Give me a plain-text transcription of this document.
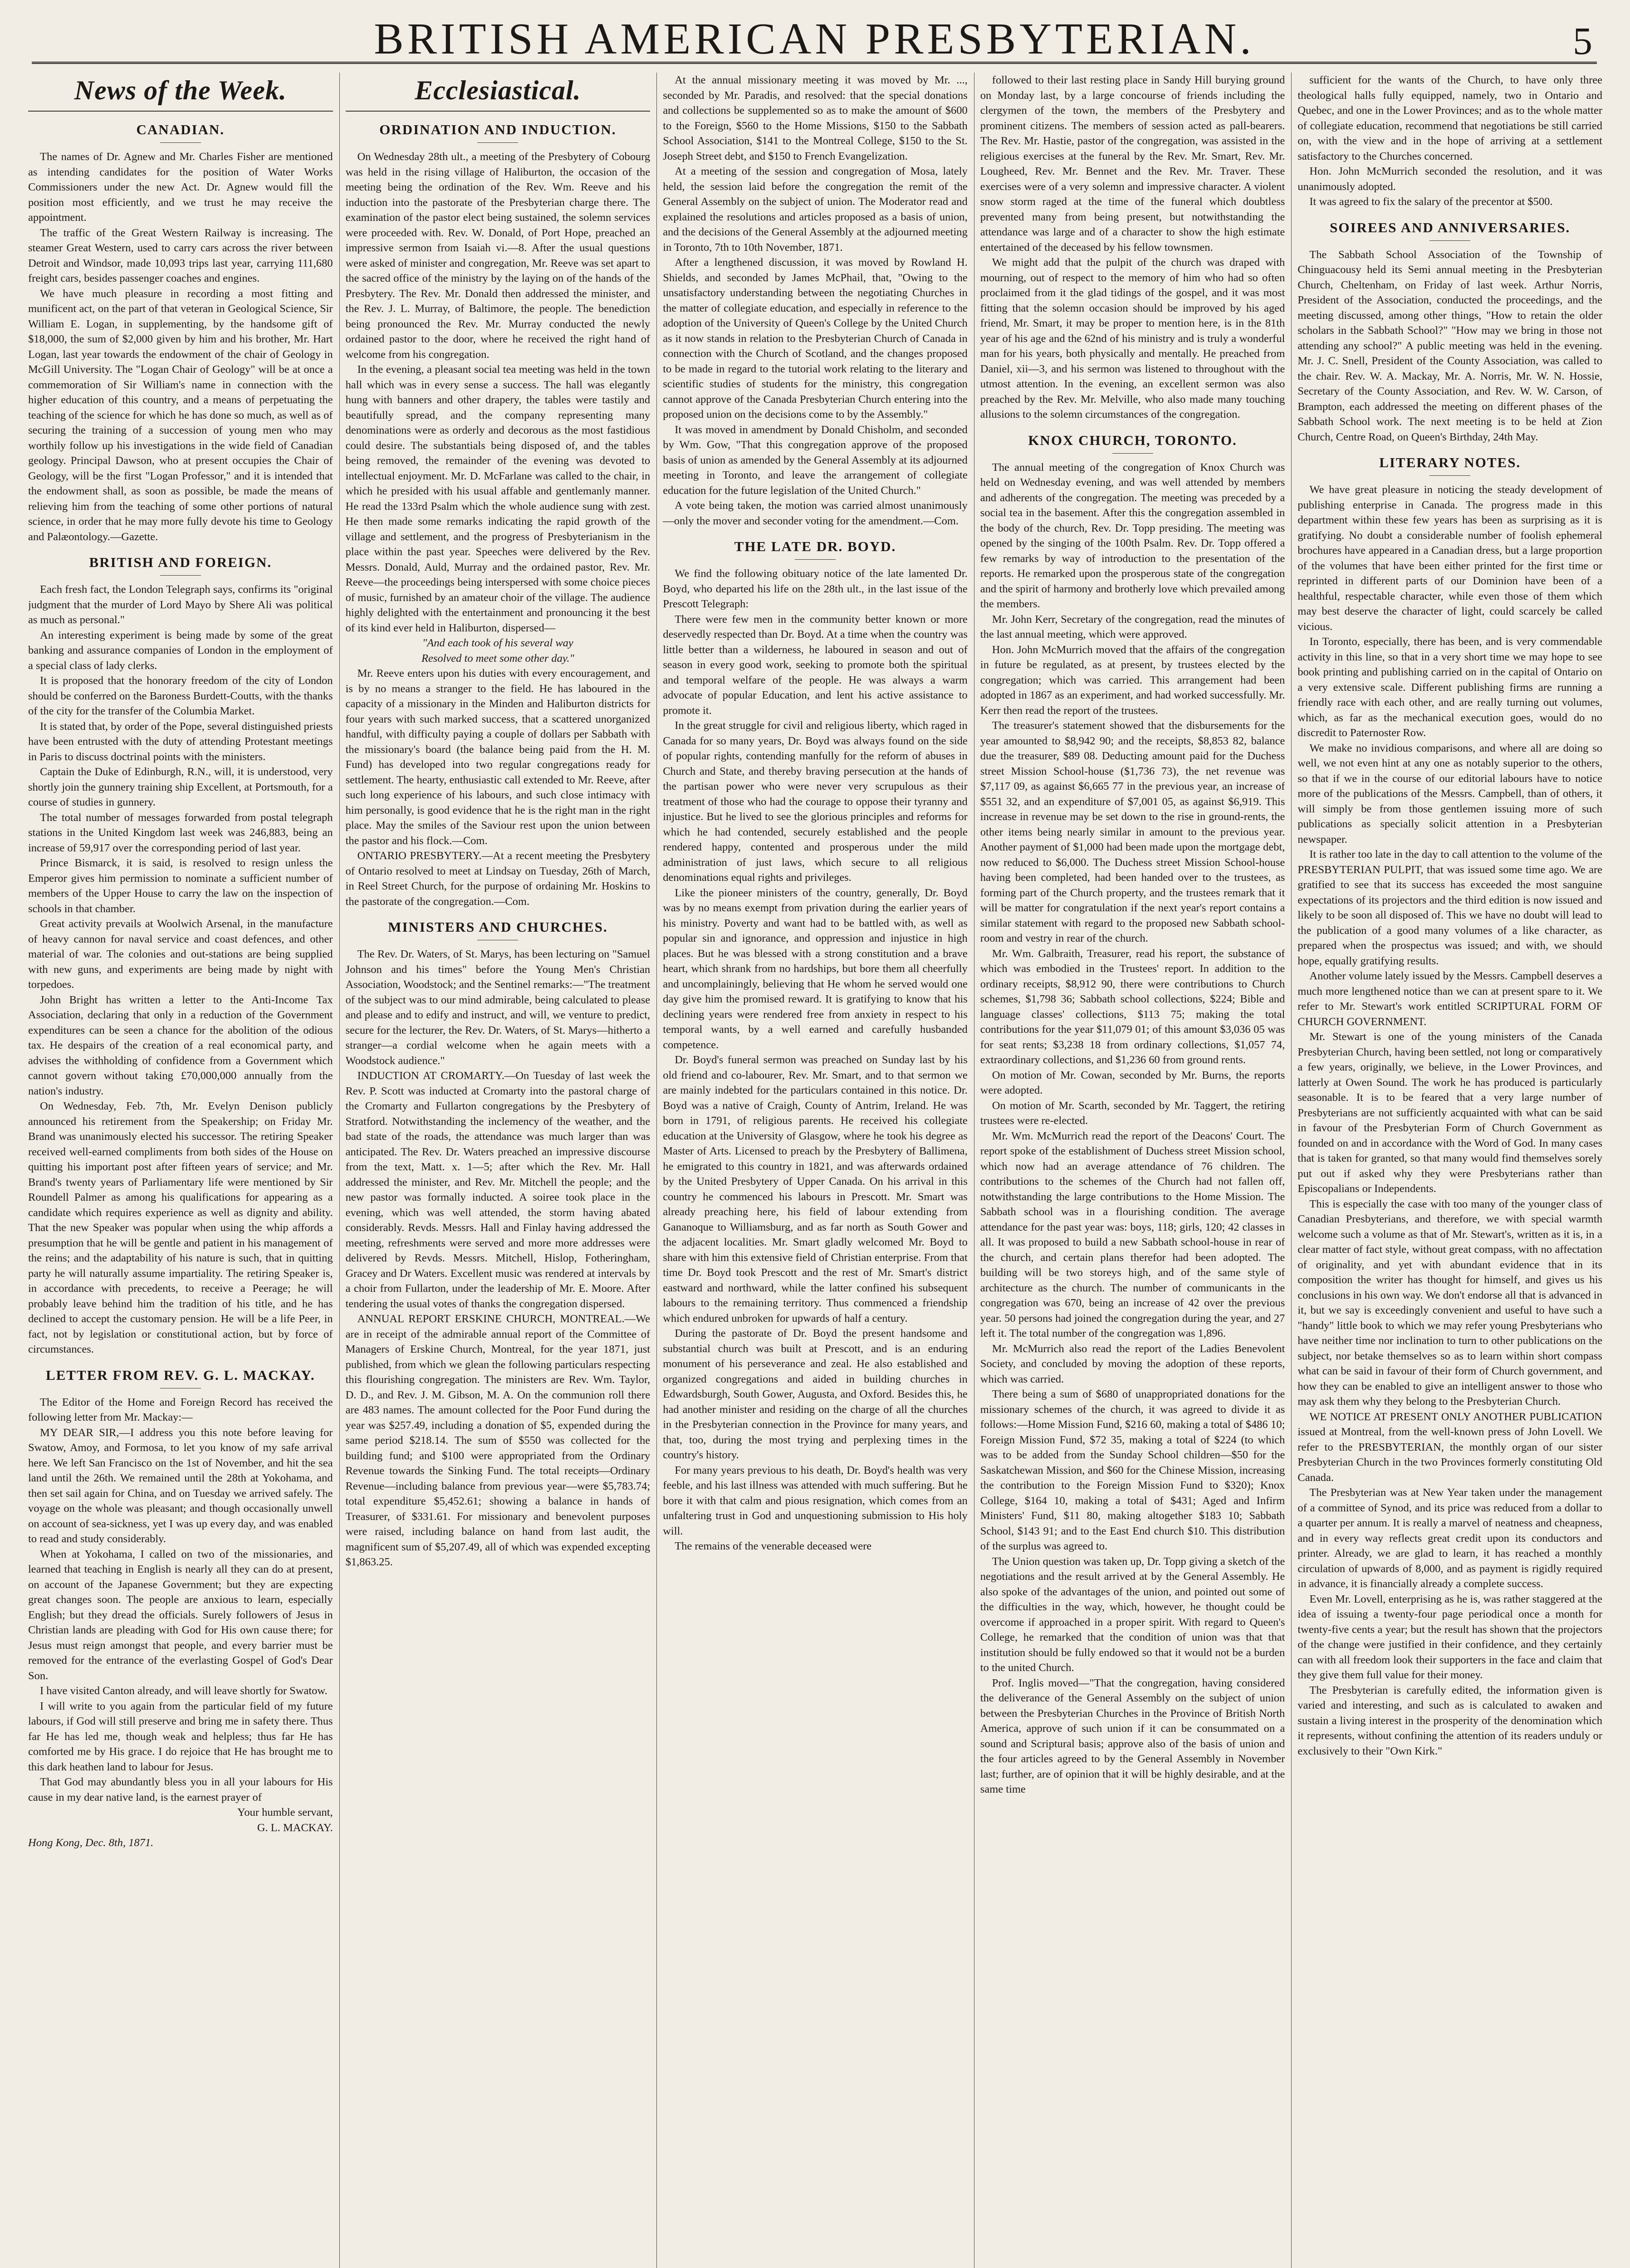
BRITISH AMERICAN PRESBYTERIAN.	5
News of the Week.
CANADIAN.

The names of Dr. Agnew and Mr. Charles Fisher are mentioned as intending candidates for the position of Water Works Commissioners under the new Act. Dr. Agnew would fill the position most efficiently, and we trust he may receive the appointment.

The traffic of the Great Western Railway is increasing. The steamer Great Western, used to carry cars across the river between Detroit and Windsor, made 10,093 trips last year, carrying 111,680 freight cars, besides passenger coaches and engines.

We have much pleasure in recording a most fitting and munificent act, on the part of that veteran in Geological Science, Sir William E. Logan, in supplementing, by the handsome gift of $18,000, the sum of $2,000 given by him and his brother, Mr. Hart Logan, last year towards the endowment of the chair of Geology in McGill University. The "Logan Chair of Geology" will be at once a commemoration of Sir William's name in connection with the higher education of this country, and a means of perpetuating the teaching of the science for which he has done so much, as well as of securing the training of a succession of young men who may worthily follow up his investigations in the wide field of Canadian geology. Principal Dawson, who at present occupies the Chair of Geology, will be the first "Logan Professor," and it is intended that the endowment shall, as soon as possible, be made the means of relieving him from the teaching of some other portions of natural science, in order that he may more fully devote his time to Geology and Palæontology.—Gazette.

BRITISH AND FOREIGN.

Each fresh fact, the London Telegraph says, confirms its "original judgment that the murder of Lord Mayo by Shere Ali was political as much as personal."

An interesting experiment is being made by some of the great banking and assurance companies of London in the employment of a special class of lady clerks.

It is proposed that the honorary freedom of the city of London should be conferred on the Baroness Burdett-Coutts, with the thanks of the city for the transfer of the Columbia Market.

It is stated that, by order of the Pope, several distinguished priests have been entrusted with the duty of attending Protestant meetings in Paris to discuss doctrinal points with the ministers.

Captain the Duke of Edinburgh, R.N., will, it is understood, very shortly join the gunnery training ship Excellent, at Portsmouth, for a course of studies in gunnery.

The total number of messages forwarded from postal telegraph stations in the United Kingdom last week was 246,883, being an increase of 59,917 over the corresponding period of last year.

Prince Bismarck, it is said, is resolved to resign unless the Emperor gives him permission to nominate a sufficient number of members of the Upper House to carry the law on the inspection of schools in that chamber.

Great activity prevails at Woolwich Arsenal, in the manufacture of heavy cannon for naval service and coast defences, and other material of war. The colonies and out-stations are being supplied with new guns, and experiments are being made by night with torpedoes.

John Bright has written a letter to the Anti-Income Tax Association, declaring that only in a reduction of the Government expenditures can be seen a chance for the abolition of the odious tax. He despairs of the creation of a real economical party, and advises the withholding of confidence from a Government which cannot govern without taking £70,000,000 annually from the nation's industry.

On Wednesday, Feb. 7th, Mr. Evelyn Denison publicly announced his retirement from the Speakership; on Friday Mr. Brand was unanimously elected his successor. The retiring Speaker received well-earned compliments from both sides of the House on quitting his important post after fifteen years of service; and Mr. Brand's twenty years of Parliamentary life were mentioned by Sir Roundell Palmer as among his qualifications for appearing as a candidate which requires experience as well as dignity and ability. That the new Speaker was popular when using the whip affords a presumption that he will be gentle and patient in his management of the reins; and the adaptability of his nature is such, that in quitting party he will naturally assume impartiality. The retiring Speaker is, in accordance with precedents, to receive a Peerage; he will probably leave behind him the tradition of his title, and he has declined to accept the customary pension. He will be a life Peer, in fact, not by legislation or constitutional action, but by force of circumstances.

LETTER FROM REV. G. L. MACKAY.

The Editor of the Home and Foreign Record has received the following letter from Mr. Mackay:—

MY DEAR SIR,—I address you this note before leaving for Swatow, Amoy, and Formosa, to let you know of my safe arrival here. We left San Francisco on the 1st of November, and hit the sea land until the 26th. We remained until the 28th at Yokohama, and then set sail again for China, and on Tuesday we arrived safely. The voyage on the whole was pleasant; and though occasionally unwell on account of sea-sickness, yet I was up every day, and was enabled to read and study considerably.

When at Yokohama, I called on two of the missionaries, and learned that teaching in English is nearly all they can do at present, on account of the Japanese Government; but they are expecting great changes soon. The people are anxious to learn, especially English; but they dread the officials. Surely followers of Jesus in Christian lands are pleading with God for His own cause there; for Jesus must reign amongst that people, and every barrier must be removed for the entrance of the everlasting Gospel of God's Dear Son.

I have visited Canton already, and will leave shortly for Swatow.

I will write to you again from the particular field of my future labours, if God will still preserve and bring me in safety there. Thus far He has led me, though weak and helpless; thus far He has comforted me by His grace. I do rejoice that He has brought me to this dark heathen land to labour for Jesus.

That God may abundantly bless you in all your labours for His cause in my dear native land, is the earnest prayer of

Your humble servant,

G. L. MACKAY.

Hong Kong, Dec. 8th, 1871.

Ecclesiastical.
ORDINATION AND INDUCTION.

On Wednesday 28th ult., a meeting of the Presbytery of Cobourg was held in the rising village of Haliburton, the occasion of the meeting being the ordination of the Rev. Wm. Reeve and his induction into the pastorate of the Presbyterian charge there. The examination of the pastor elect being sustained, the solemn services were proceeded with. Rev. W. Donald, of Port Hope, preached an impressive sermon from Isaiah vi.—8. After the usual questions were asked of minister and congregation, Mr. Reeve was set apart to the sacred office of the ministry by the laying on of the hands of the Presbytery. The Rev. Mr. Donald then addressed the minister, and the Rev. J. L. Murray, of Baltimore, the people. The benediction being pronounced the Rev. Mr. Murray conducted the newly ordained pastor to the door, where he received the right hand of welcome from his congregation.

In the evening, a pleasant social tea meeting was held in the town hall which was in every sense a success. The hall was elegantly hung with banners and other drapery, the tables were tastily and beautifully spread, and the company representing many denominations were as orderly and decorous as the most fastidious could desire. The substantials being disposed of, and the tables being removed, the remainder of the evening was devoted to intellectual enjoyment. Mr. D. McFarlane was called to the chair, in which he presided with his usual affable and gentlemanly manner. He read the 133rd Psalm which the whole audience sung with zest. He then made some remarks indicating the rapid growth of the village and settlement, and the progress of Presbyterianism in the place within the past year. Speeches were delivered by the Rev. Messrs. Donald, Auld, Murray and the ordained pastor, Rev. Mr. Reeve—the proceedings being interspersed with some choice pieces of music, furnished by an amateur choir of the village. The audience highly delighted with the entertainment and pronouncing it the best of its kind ever held in Haliburton, dispersed—

"And each took of his several way

Resolved to meet some other day."

Mr. Reeve enters upon his duties with every encouragement, and is by no means a stranger to the field. He has laboured in the capacity of a missionary in the Minden and Haliburton districts for four years with such marked success, that a scattered unorganized handful, with difficulty paying a couple of dollars per Sabbath with the missionary's board (the balance being paid from the H. M. Fund) has developed into two regular congregations ready for settlement. The hearty, enthusiastic call extended to Mr. Reeve, after such long experience of his labours, and such close intimacy with him personally, is good evidence that he is the right man in the right place. May the smiles of the Saviour rest upon the union between the pastor and his flock.—Com.

ONTARIO PRESBYTERY.—At a recent meeting the Presbytery of Ontario resolved to meet at Lindsay on Tuesday, 26th of March, in Reel Street Church, for the purpose of ordaining Mr. Hoskins to the pastorate of the congregation.—Com.

MINISTERS AND CHURCHES.

The Rev. Dr. Waters, of St. Marys, has been lecturing on "Samuel Johnson and his times" before the Young Men's Christian Association, Woodstock; and the Sentinel remarks:—"The treatment of the subject was to our mind admirable, being calculated to please and please and to edify and instruct, and will, we venture to predict, secure for the lecturer, the Rev. Dr. Waters, of St. Marys—hitherto a stranger—a cordial welcome when he again meets with a Woodstock audience."

INDUCTION AT CROMARTY.—On Tuesday of last week the Rev. P. Scott was inducted at Cromarty into the pastoral charge of the Cromarty and Fullarton congregations by the Presbytery of Stratford. Notwithstanding the inclemency of the weather, and the bad state of the roads, the attendance was much larger than was anticipated. The Rev. Dr. Waters preached an impressive discourse from the text, Matt. x. 1—5; after which the Rev. Mr. Hall addressed the minister, and Rev. Mr. Mitchell the people; and the new pastor was formally inducted. A soiree took place in the evening, which was well attended, the storm having abated considerably. Revds. Messrs. Hall and Finlay having addressed the meeting, refreshments were served and more more addresses were delivered by Revds. Messrs. Mitchell, Hislop, Fotheringham, Gracey and Dr Waters. Excellent music was rendered at intervals by a choir from Fullarton, under the leadership of Mr. E. Moore. After tendering the usual votes of thanks the congregation dispersed.

ANNUAL REPORT ERSKINE CHURCH, MONTREAL.—We are in receipt of the admirable annual report of the Committee of Managers of Erskine Church, Montreal, for the year 1871, just published, from which we glean the following particulars respecting this flourishing congregation. The ministers are Rev. Wm. Taylor, D. D., and Rev. J. M. Gibson, M. A. On the communion roll there are 483 names. The amount collected for the Poor Fund during the year was $257.49, including a donation of $5, expended during the same period $218.14. The sum of $550 was collected for the building fund; and $100 were appropriated from the Ordinary Revenue towards the Sinking Fund. The total receipts—Ordinary Revenue—including balance from previous year—were $5,783.74; total expenditure $5,452.61; showing a balance in hands of Treasurer, of $331.61. For missionary and benevolent purposes were raised, including balance on hand from last audit, the magnificent sum of $5,207.49, all of which was expended excepting $1,863.25.

At the annual missionary meeting it was moved by Mr. ..., seconded by Mr. Paradis, and resolved: that the special donations and collections be supplemented so as to make the amount of $600 to the Foreign, $560 to the Home Missions, $150 to the Sabbath School Association, $141 to the Montreal College, $150 to the St. Joseph Street debt, and $150 to French Evangelization.

At a meeting of the session and congregation of Mosa, lately held, the session laid before the congregation the remit of the General Assembly on the subject of union. The Moderator read and explained the resolutions and articles proposed as a basis of union, and the decisions of the General Assembly at the adjourned meeting in Toronto, 7th to 10th November, 1871.

After a lengthened discussion, it was moved by Rowland H. Shields, and seconded by James McPhail, that, "Owing to the unsatisfactory understanding between the negotiating Churches in the matter of collegiate education, and especially in reference to the adoption of the University of Queen's College by the United Church as it now stands in relation to the Presbyterian Church of Canada in connection with the Church of Scotland, and the changes proposed to be made in regard to the tutorial work relating to the literary and scientific studies of students for the ministry, this congregation cannot approve of the Canada Presbyterian Church entering into the proposed union on the decisions come to by the Assembly."

It was moved in amendment by Donald Chisholm, and seconded by Wm. Gow, "That this congregation approve of the proposed basis of union as amended by the General Assembly at its adjourned meeting in Toronto, and leave the arrangement of collegiate education for the future legislation of the United Church."

A vote being taken, the motion was carried almost unanimously—only the mover and seconder voting for the amendment.—Com.

THE LATE DR. BOYD.

We find the following obituary notice of the late lamented Dr. Boyd, who departed his life on the 28th ult., in the last issue of the Prescott Telegraph:

There were few men in the community better known or more deservedly respected than Dr. Boyd. At a time when the country was little better than a wilderness, he laboured in season and out of season in every good work, seeking to promote both the spiritual and temporal welfare of the people. He was always a warm advocate of popular Education, and lent his active assistance to promote it.

In the great struggle for civil and religious liberty, which raged in Canada for so many years, Dr. Boyd was always found on the side of popular rights, contending manfully for the reform of abuses in Church and State, and thereby braving persecution at the hands of the partisan power who were never very scrupulous as their treatment of those who had the courage to oppose their tyranny and injustice. But he lived to see the glorious principles and reforms for which he had contended, securely established and the people rendered happy, contented and prosperous under the mild administration of just laws, which secure to all religious denominations equal rights and privileges.

Like the pioneer ministers of the country, generally, Dr. Boyd was by no means exempt from privation during the earlier years of his ministry. Poverty and want had to be battled with, as well as popular sin and ignorance, and oppression and injustice in high places. But he was blessed with a strong constitution and a brave heart, which shrank from no hardships, but bore them all cheerfully and uncomplainingly, believing that He whom he served would one day give him the promised reward. It is gratifying to know that his declining years were rendered free from anxiety in respect to his temporal wants, by a well earned and carefully husbanded competence.

Dr. Boyd's funeral sermon was preached on Sunday last by his old friend and co-labourer, Rev. Mr. Smart, and to that sermon we are mainly indebted for the particulars contained in this notice. Dr. Boyd was a native of Craigh, County of Antrim, Ireland. He was born in 1791, of religious parents. He received his collegiate education at the University of Glasgow, where he took his degree as Master of Arts. Licensed to preach by the Presbytery of Ballimena, he emigrated to this country in 1821, and was afterwards ordained by the United Presbytery of Upper Canada. On his arrival in this country he commenced his labours in Prescott. Mr. Smart was already preaching here, his field of labour extending from Gananoque to Williamsburg, and as far north as South Gower and the adjacent localities. Mr. Smart gladly welcomed Mr. Boyd to share with him this extensive field of Christian enterprise. From that time Dr. Boyd took Prescott and the rest of Mr. Smart's district eastward and northward, while the latter confined his subsequent labours to the remaining territory. Thus commenced a friendship which endured unbroken for upwards of half a century.

During the pastorate of Dr. Boyd the present handsome and substantial church was built at Prescott, and is an enduring monument of his perseverance and zeal. He also established and organized congregations and aided in building churches in Edwardsburgh, South Gower, Augusta, and Oxford. Besides this, he had another minister and residing on the charge of all the churches in the Presbyterian connection in the Province for many years, and that, too, during the most trying and perplexing times in the country's history.

For many years previous to his death, Dr. Boyd's health was very feeble, and his last illness was attended with much suffering. But he bore it with that calm and pious resignation, which comes from an unfaltering trust in God and unquestioning submission to His holy will.

The remains of the venerable deceased were

followed to their last resting place in Sandy Hill burying ground on Monday last, by a large concourse of friends including the clergymen of the town, the members of the Presbytery and prominent citizens. The members of session acted as pall-bearers. The Rev. Mr. Hastie, pastor of the congregation, was assisted in the religious exercises at the funeral by the Rev. Mr. Smart, Rev. Mr. Lougheed, Rev. Mr. Bennet and the Rev. Mr. Traver. These exercises were of a very solemn and impressive character. A violent snow storm raged at the time of the funeral which doubtless prevented many from being present, but notwithstanding the attendance was large and of a character to show the high estimate entertained of the deceased by his fellow townsmen.

We might add that the pulpit of the church was draped with mourning, out of respect to the memory of him who had so often proclaimed from it the glad tidings of the gospel, and it was most fitting that the solemn occasion should be improved by his aged friend, Mr. Smart, it may be proper to mention here, is in the 81th year of his age and the 62nd of his ministry and is truly a wonderful man for his years, both physically and mentally. He preached from Daniel, xii—3, and his sermon was listened to throughout with the utmost attention. In the evening, an excellent sermon was also preached by the Rev. Mr. Melville, who also made many touching allusions to the solemn circumstances of the congregation.

KNOX CHURCH, TORONTO.

The annual meeting of the congregation of Knox Church was held on Wednesday evening, and was well attended by members and adherents of the congregation. The meeting was preceded by a social tea in the basement. After this the congregation assembled in the body of the church, Rev. Dr. Topp presiding. The meeting was opened by the singing of the 100th Psalm. Rev. Dr. Topp offered a few remarks by way of introduction to the presentation of the reports. He remarked upon the prosperous state of the congregation and the spirit of harmony and brotherly love which prevailed among the members.

Mr. John Kerr, Secretary of the congregation, read the minutes of the last annual meeting, which were approved.

Hon. John McMurrich moved that the affairs of the congregation in future be regulated, as at present, by trustees elected by the congregation; which was carried. This arrangement had been adopted in 1867 as an experiment, and had worked successfully. Mr. Kerr then read the report of the trustees.

The treasurer's statement showed that the disbursements for the year amounted to $8,942 90; and the receipts, $8,853 82, balance due the treasurer, $89 08. Deducting amount paid for the Duchess street Mission School-house ($1,736 73), the net revenue was $7,117 09, as against $6,665 77 in the previous year, an increase of $551 32, and an expenditure of $7,001 05, as against $6,919. This increase in revenue may be set down to the rise in ground-rents, the other items being nearly similar in amount to the previous year. Another payment of $1,000 had been made upon the mortgage debt, now reduced to $6,000. The Duchess street Mission School-house having been completed, had been handed over to the trustees, as forming part of the Church property, and the trustees remark that it will be matter for congratulation if the next year's report contains a similar statement with regard to the proposed new Sabbath school-room and vestry in rear of the church.

Mr. Wm. Galbraith, Treasurer, read his report, the substance of which was embodied in the Trustees' report. In addition to the ordinary receipts, $8,912 90, there were contributions to Church schemes, $1,798 36; Sabbath school collections, $224; Bible and language classes' collections, $113 75; making the total contributions for the year $11,079 01; of this amount $3,036 05 was for seat rents; $3,238 18 from ordinary collections, $1,057 74, extraordinary collections, and $1,236 60 from ground rents.

On motion of Mr. Cowan, seconded by Mr. Burns, the reports were adopted.

On motion of Mr. Scarth, seconded by Mr. Taggert, the retiring trustees were re-elected.

Mr. Wm. McMurrich read the report of the Deacons' Court. The report spoke of the establishment of Duchess street Mission school, which now had an average attendance of 76 children. The contributions to the schemes of the Church had not fallen off, notwithstanding the large contributions to the Home Mission. The Sabbath school was in a flourishing condition. The average attendance for the past year was: boys, 118; girls, 120; 42 classes in all. It was proposed to build a new Sabbath school-house in rear of the church, and certain plans therefor had been adopted. The building will be two storeys high, and of the same style of architecture as the church. The number of communicants in the congregation was 670, being an increase of 42 over the previous year. 50 persons had joined the congregation during the year, and 27 left it. The total number of the congregation was 1,896.

Mr. McMurrich also read the report of the Ladies Benevolent Society, and concluded by moving the adoption of these reports, which was carried.

There being a sum of $680 of unappropriated donations for the missionary schemes of the church, it was agreed to divide it as follows:—Home Mission Fund, $216 60, making a total of $486 10; Foreign Mission Fund, $72 35, making a total of $224 (to which was to be added from the Sunday School children—$50 for the Saskatchewan Mission, and $60 for the Chinese Mission, increasing the contribution to the Foreign Mission Fund to $320); Knox College, $164 10, making a total of $431; Aged and Infirm Ministers' Fund, $11 80, making altogether $183 10; Sabbath School, $143 91; and to the East End church $10. This distribution of the surplus was agreed to.

The Union question was taken up, Dr. Topp giving a sketch of the negotiations and the result arrived at by the General Assembly. He also spoke of the advantages of the union, and pointed out some of the difficulties in the way, which, however, he thought could be overcome if approached in a proper spirit. With regard to Queen's College, he remarked that the condition of union was that that institution should be fully endowed so that it would not be a burden to the united Church.

Prof. Inglis moved—"That the congregation, having considered the deliverance of the General Assembly on the subject of union between the Presbyterian Churches in the Province of British North America, approve of such union if it can be consummated on a sound and Scriptural basis; approve also of the basis of union and the four articles agreed to by the General Assembly in November last; further, are of opinion that it will be highly desirable, and at the same time

sufficient for the wants of the Church, to have only three theological halls fully equipped, namely, two in Ontario and Quebec, and one in the Lower Provinces; and as to the whole matter of collegiate education, recommend that negotiations be still carried on, with the view and in the hope of arriving at a settlement satisfactory to the Churches concerned.

Hon. John McMurrich seconded the resolution, and it was unanimously adopted.

It was agreed to fix the salary of the precentor at $500.

SOIREES AND ANNIVERSARIES.

The Sabbath School Association of the Township of Chinguacousy held its Semi annual meeting in the Presbyterian Church, Cheltenham, on Friday of last week. Arthur Norris, President of the Association, conducted the proceedings, and the meeting discussed, among other things, "How to retain the older scholars in the Sabbath School?" "How may we bring in those not attending any school?" A public meeting was held in the evening. Mr. J. C. Snell, President of the County Association, was called to the chair. Rev. W. A. Mackay, Mr. A. Norris, Mr. W. N. Hossie, Secretary of the County Association, and Rev. W. W. Carson, of Brampton, each addressed the meeting on different phases of the Sabbath School work. The next meeting is to be held at Zion Church, Centre Road, on Queen's Birthday, 24th May.

LITERARY NOTES.

We have great pleasure in noticing the steady development of publishing enterprise in Canada. The progress made in this department within these few years has been as surprising as it is gratifying. No doubt a considerable number of foolish ephemeral brochures have appeared in a Canadian dress, but a large proportion of the volumes that have been either printed for the first time or reprinted in different parts of our Dominion have been of a healthful, respectable character, while even those of them which may best deserve the character of light, could scarcely be called vicious.

In Toronto, especially, there has been, and is very commendable activity in this line, so that in a very short time we may hope to see book printing and publishing carried on in the capital of Ontario on a very extensive scale. Different publishing firms are running a friendly race with each other, and are really turning out volumes, which, as far as the mechanical execution goes, would do no discredit to Paternoster Row.

We make no invidious comparisons, and where all are doing so well, we not even hint at any one as notably superior to the others, so that if we in the course of our editorial labours have to notice more of the publications of the Messrs. Campbell, than of others, it will simply be from those gentlemen issuing more of such publications as specially solicit attention in a Presbyterian newspaper.

It is rather too late in the day to call attention to the volume of the PRESBYTERIAN PULPIT, that was issued some time ago. We are gratified to see that its success has exceeded the most sanguine expectations of its projectors and the third edition is now issued and likely to be soon all disposed of. This we have no doubt will lead to the publication of a good many volumes of a like character, as prepared when the prospectus was issued; and with, we should hope, equally gratifying results.

Another volume lately issued by the Messrs. Campbell deserves a much more lengthened notice than we can at present spare to it. We refer to Mr. Stewart's work entitled SCRIPTURAL FORM OF CHURCH GOVERNMENT.

Mr. Stewart is one of the young ministers of the Canada Presbyterian Church, having been settled, not long or comparatively a few years, originally, we believe, in the Lower Provinces, and latterly at Owen Sound. The work he has produced is particularly seasonable. It is to be feared that a very large number of Presbyterians are not sufficiently acquainted with what can be said in favour of the Presbyterian Form of Church Government as founded on and in accordance with the Word of God. In many cases that is taken for granted, so that many would find themselves sorely put out if asked why they were Presbyterians rather than Episcopalians or Independents.

This is especially the case with too many of the younger class of Canadian Presbyterians, and therefore, we with special warmth welcome such a volume as that of Mr. Stewart's, written as it is, in a clear matter of fact style, without great compass, with no affectation of originality, and yet with abundant evidence that in its composition the writer has thought for himself, and gives us his conclusions in his own way. We don't endorse all that is advanced in it, but we say is exceedingly convenient and useful to have such a "handy" little book to which we may refer young Presbyterians who have neither time nor inclination to turn to other publications on the subject, nor betake themselves so as to learn within short compass what can be said in favour of their form of Church government, and how they can be enabled to give an intelligent answer to those who may ask them why they belong to the Presbyterian Church.

WE NOTICE AT PRESENT ONLY ANOTHER PUBLICATION issued at Montreal, from the well-known press of John Lovell. We refer to the PRESBYTERIAN, the monthly organ of our sister Presbyterian Church in the two Provinces formerly constituting Old Canada.

The Presbyterian was at New Year taken under the management of a committee of Synod, and its price was reduced from a dollar to a quarter per annum. It is really a marvel of neatness and cheapness, and in every way reflects great credit upon its conductors and printer. Already, we are glad to learn, it has reached a monthly circulation of upwards of 8,000, and as payment is rigidly required in advance, it is financially already a complete success.

Even Mr. Lovell, enterprising as he is, was rather staggered at the idea of issuing a twenty-four page periodical once a month for twenty-five cents a year; but the result has shown that the projectors of the change were justified in their confidence, and they certainly can with all freedom look their supporters in the face and claim that they give them full value for their money.

The Presbyterian is carefully edited, the information given is varied and interesting, and such as is calculated to awaken and sustain a living interest in the prosperity of the denomination which it represents, without confining the attention of its readers unduly or exclusively to their "Own Kirk."
